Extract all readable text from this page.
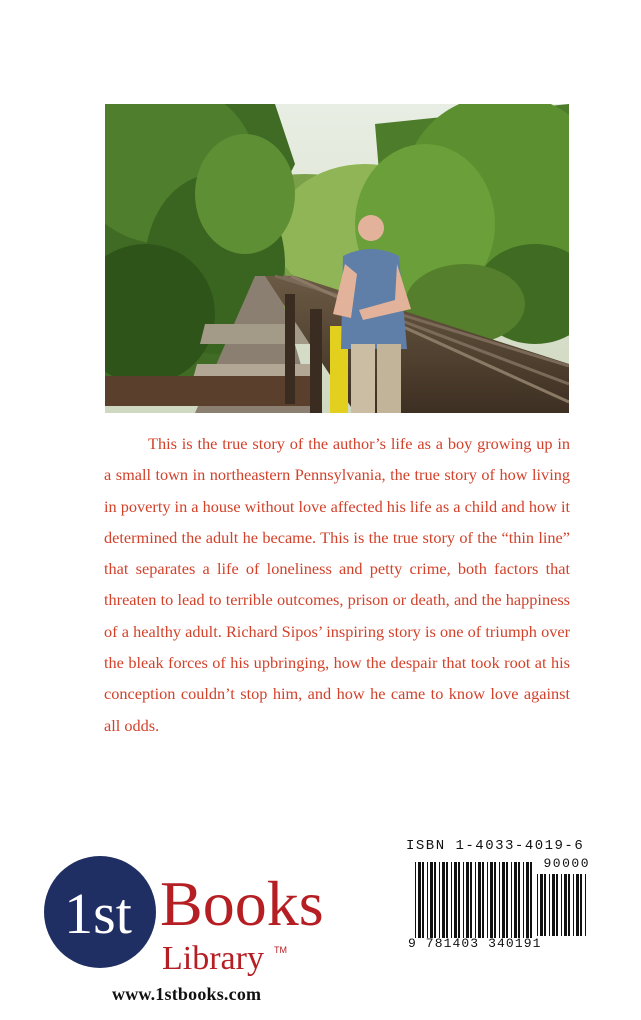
This is the true story of the author’s life as a boy growing up in a small town in northeastern Pennsylvania, the true story of how living in poverty in a house without love affected his life as a child and how it determined the adult he became. This is the true story of the “thin line” that separates a life of loneliness and petty crime, both factors that threaten to lead to terrible outcomes, prison or death, and the happiness of a healthy adult. Richard Sipos’ inspiring story is one of triumph over the bleak forces of his upbringing, how the despair that took root at his conception couldn’t stop him, and how he came to know love against all odds.

ISBN 1-4033-4019-6
90000
9 781403 340191
1st Books
Library TM
www.1stbooks.com
